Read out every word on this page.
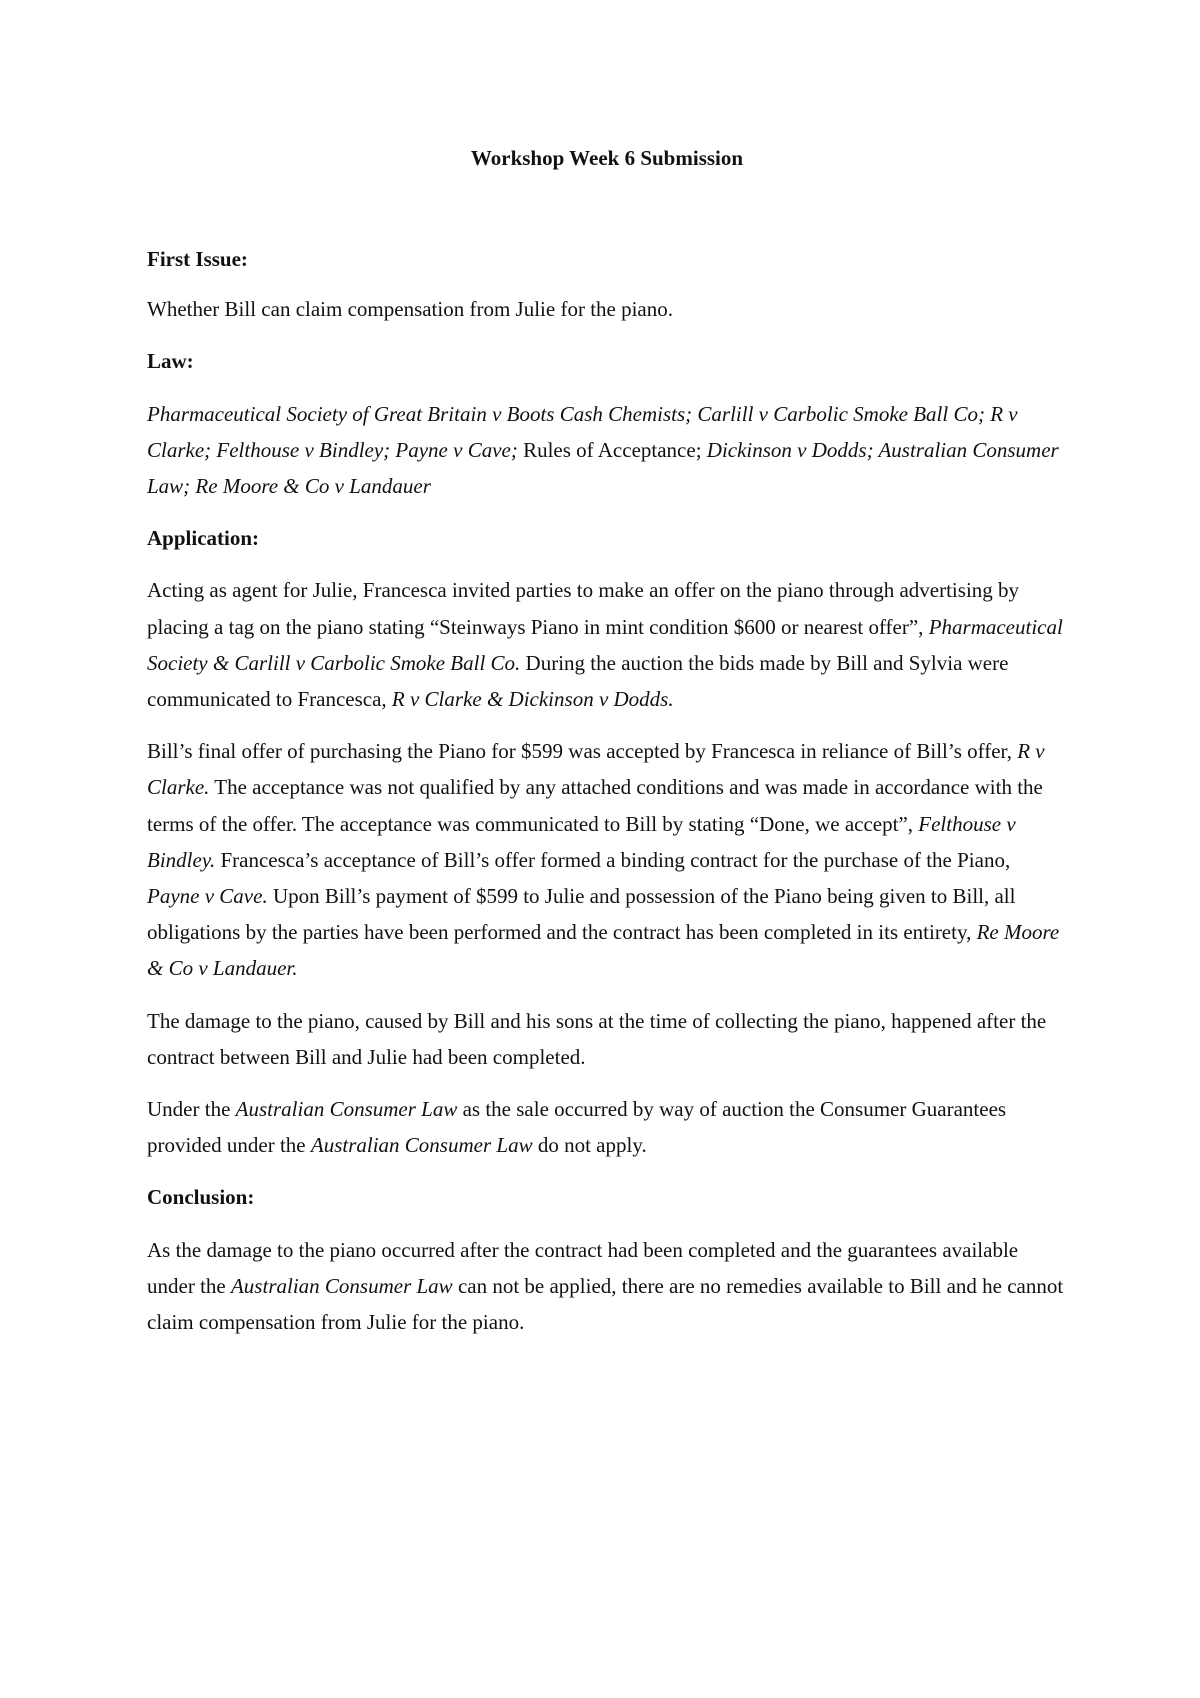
Workshop Week 6 Submission
First Issue:

Whether Bill can claim compensation from Julie for the piano.

Law:

Pharmaceutical Society of Great Britain v Boots Cash Chemists; Carlill v Carbolic Smoke Ball Co; R v Clarke; Felthouse v Bindley; Payne v Cave; Rules of Acceptance; Dickinson v Dodds; Australian Consumer Law; Re Moore & Co v Landauer

Application:

Acting as agent for Julie, Francesca invited parties to make an offer on the piano through advertising by placing a tag on the piano stating “Steinways Piano in mint condition $600 or nearest offer”, Pharmaceutical Society & Carlill v Carbolic Smoke Ball Co. During the auction the bids made by Bill and Sylvia were communicated to Francesca, R v Clarke & Dickinson v Dodds.

Bill’s final offer of purchasing the Piano for $599 was accepted by Francesca in reliance of Bill’s offer, R v Clarke. The acceptance was not qualified by any attached conditions and was made in accordance with the terms of the offer. The acceptance was communicated to Bill by stating “Done, we accept”, Felthouse v Bindley. Francesca’s acceptance of Bill’s offer formed a binding contract for the purchase of the Piano, Payne v Cave. Upon Bill’s payment of $599 to Julie and possession of the Piano being given to Bill, all obligations by the parties have been performed and the contract has been completed in its entirety, Re Moore & Co v Landauer.

The damage to the piano, caused by Bill and his sons at the time of collecting the piano, happened after the contract between Bill and Julie had been completed.

Under the Australian Consumer Law as the sale occurred by way of auction the Consumer Guarantees provided under the Australian Consumer Law do not apply.

Conclusion:

As the damage to the piano occurred after the contract had been completed and the guarantees available under the Australian Consumer Law can not be applied, there are no remedies available to Bill and he cannot claim compensation from Julie for the piano.
